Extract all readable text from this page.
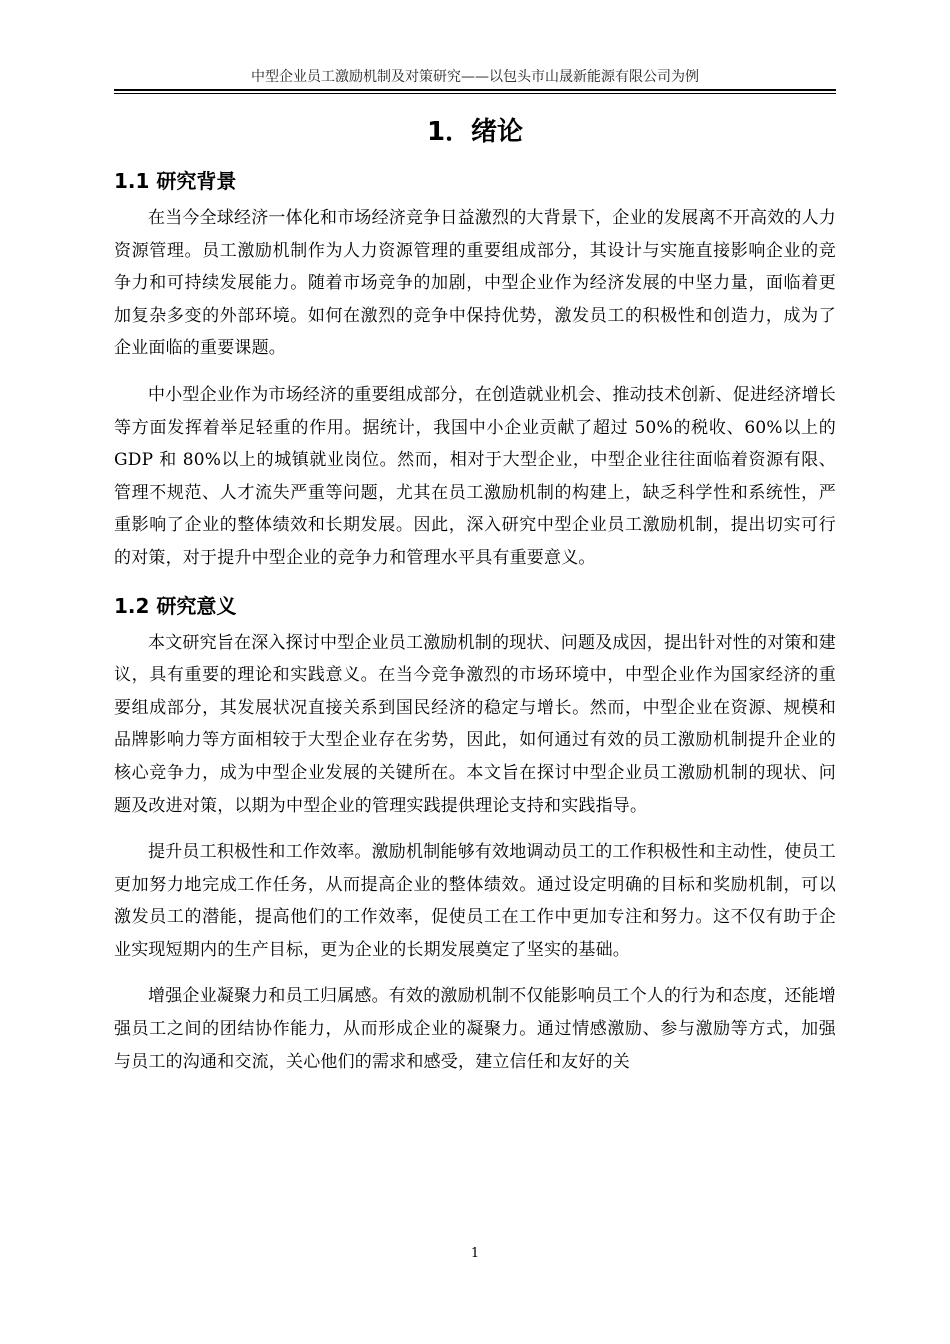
中型企业员工激励机制及对策研究——以包头市山晟新能源有限公司为例
1．绪论
1.1 研究背景

在当今全球经济一体化和市场经济竞争日益激烈的大背景下，企业的发展离不开高效的人力资源管理。员工激励机制作为人力资源管理的重要组成部分，其设计与实施直接影响企业的竞争力和可持续发展能力。随着市场竞争的加剧，中型企业作为经济发展的中坚力量，面临着更加复杂多变的外部环境。如何在激烈的竞争中保持优势，激发员工的积极性和创造力，成为了企业面临的重要课题。

中小型企业作为市场经济的重要组成部分，在创造就业机会、推动技术创新、促进经济增长等方面发挥着举足轻重的作用。据统计，我国中小企业贡献了超过 50%的税收、60%以上的 GDP 和 80%以上的城镇就业岗位。然而，相对于大型企业，中型企业往往面临着资源有限、管理不规范、人才流失严重等问题，尤其在员工激励机制的构建上，缺乏科学性和系统性，严重影响了企业的整体绩效和长期发展。因此，深入研究中型企业员工激励机制，提出切实可行的对策，对于提升中型企业的竞争力和管理水平具有重要意义。

1.2 研究意义

本文研究旨在深入探讨中型企业员工激励机制的现状、问题及成因，提出针对性的对策和建议，具有重要的理论和实践意义。在当今竞争激烈的市场环境中，中型企业作为国家经济的重要组成部分，其发展状况直接关系到国民经济的稳定与增长。然而，中型企业在资源、规模和品牌影响力等方面相较于大型企业存在劣势，因此，如何通过有效的员工激励机制提升企业的核心竞争力，成为中型企业发展的关键所在。本文旨在探讨中型企业员工激励机制的现状、问题及改进对策，以期为中型企业的管理实践提供理论支持和实践指导。

提升员工积极性和工作效率。激励机制能够有效地调动员工的工作积极性和主动性，使员工更加努力地完成工作任务，从而提高企业的整体绩效。通过设定明确的目标和奖励机制，可以激发员工的潜能，提高他们的工作效率，促使员工在工作中更加专注和努力。这不仅有助于企业实现短期内的生产目标，更为企业的长期发展奠定了坚实的基础。

增强企业凝聚力和员工归属感。有效的激励机制不仅能影响员工个人的行为和态度，还能增强员工之间的团结协作能力，从而形成企业的凝聚力。通过情感激励、参与激励等方式，加强与员工的沟通和交流，关心他们的需求和感受，建立信任和友好的关

1
